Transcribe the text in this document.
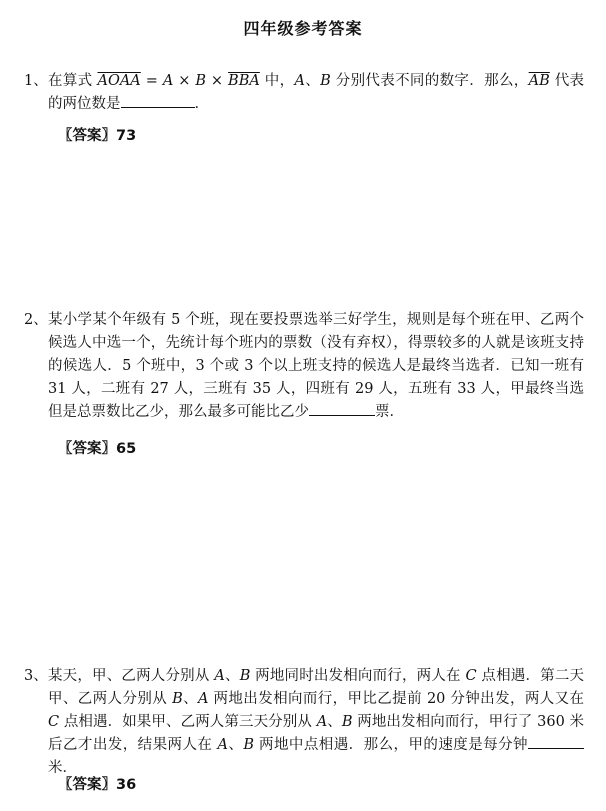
四年级参考答案
1、 在算式 AOAA = $A \times B \times \overline{BBA}$ 中，A、B 分别代表不同的数字．那么，$\overline{AB}$ 代表的两位数是	．
〖答案〗73
2、 某小学某个年级有 5 个班，现在要投票选举三好学生，规则是每个班在甲、乙两个候选人中选一个，先统计每个班内的票数（没有弃权），得票较多的人就是该班支持的候选人．5 个班中，3 个或 3 个以上班支持的候选人是最终当选者．已知一班有 31 人，二班有 27 人，三班有 35 人，四班有 29 人，五班有 33 人，甲最终当选但是总票数比乙少，那么最多可能比乙少	票．
〖答案〗65
3、 某天，甲、乙两人分别从 A、B 两地同时出发相向而行，两人在 C 点相遇．第二天甲、乙两人分别从 B、A 两地出发相向而行，甲比乙提前 20 分钟出发，两人又在 C 点相遇．如果甲、乙两人第三天分别从 A、B 两地出发相向而行，甲行了 360 米后乙才出发，结果两人在 A、B 两地中点相遇．那么，甲的速度是每分钟米．
〖答案〗36
